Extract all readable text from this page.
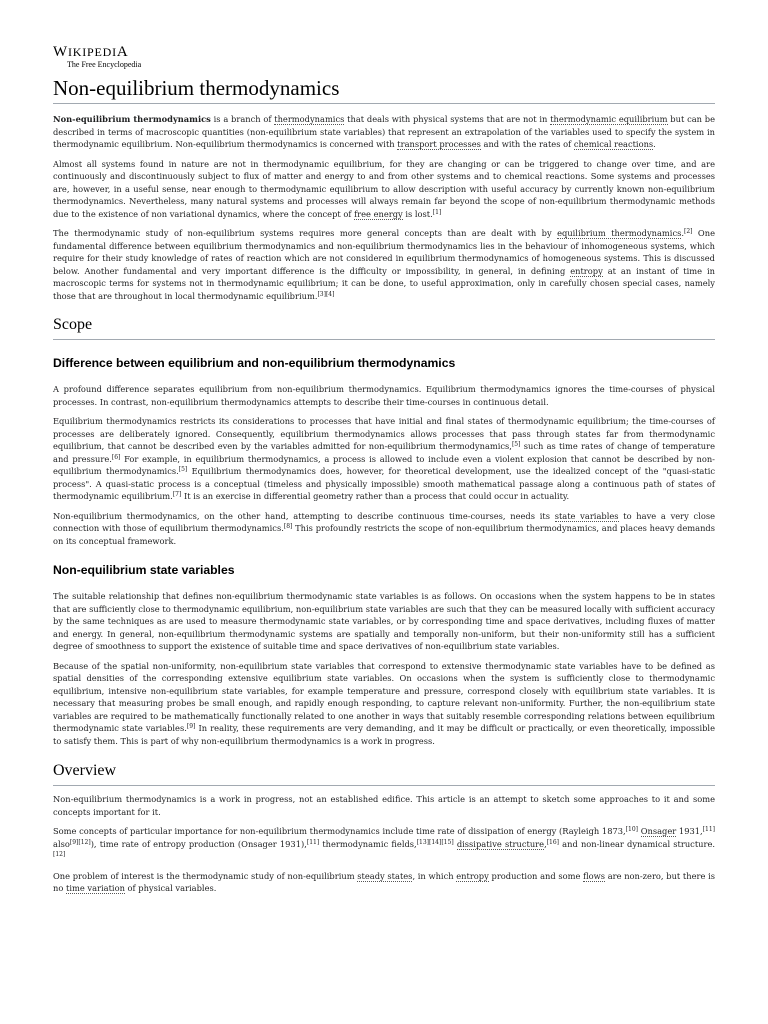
WIKIPEDIA
The Free Encyclopedia
Non-equilibrium thermodynamics

Non-equilibrium thermodynamics is a branch of thermodynamics that deals with physical systems that are not in thermodynamic equilibrium but can be described in terms of macroscopic quantities (non-equilibrium state variables) that represent an extrapolation of the variables used to specify the system in thermodynamic equilibrium. Non-equilibrium thermodynamics is concerned with transport processes and with the rates of chemical reactions.

Almost all systems found in nature are not in thermodynamic equilibrium, for they are changing or can be triggered to change over time, and are continuously and discontinuously subject to flux of matter and energy to and from other systems and to chemical reactions. Some systems and processes are, however, in a useful sense, near enough to thermodynamic equilibrium to allow description with useful accuracy by currently known non-equilibrium thermodynamics. Nevertheless, many natural systems and processes will always remain far beyond the scope of non-equilibrium thermodynamic methods due to the existence of non variational dynamics, where the concept of free energy is lost.[1]

The thermodynamic study of non-equilibrium systems requires more general concepts than are dealt with by equilibrium thermodynamics.[2] One fundamental difference between equilibrium thermodynamics and non-equilibrium thermodynamics lies in the behaviour of inhomogeneous systems, which require for their study knowledge of rates of reaction which are not considered in equilibrium thermodynamics of homogeneous systems. This is discussed below. Another fundamental and very important difference is the difficulty or impossibility, in general, in defining entropy at an instant of time in macroscopic terms for systems not in thermodynamic equilibrium; it can be done, to useful approximation, only in carefully chosen special cases, namely those that are throughout in local thermodynamic equilibrium.[3][4]

Scope
Difference between equilibrium and non-equilibrium thermodynamics

A profound difference separates equilibrium from non-equilibrium thermodynamics. Equilibrium thermodynamics ignores the time-courses of physical processes. In contrast, non-equilibrium thermodynamics attempts to describe their time-courses in continuous detail.

Equilibrium thermodynamics restricts its considerations to processes that have initial and final states of thermodynamic equilibrium; the time-courses of processes are deliberately ignored. Consequently, equilibrium thermodynamics allows processes that pass through states far from thermodynamic equilibrium, that cannot be described even by the variables admitted for non-equilibrium thermodynamics,[5] such as time rates of change of temperature and pressure.[6] For example, in equilibrium thermodynamics, a process is allowed to include even a violent explosion that cannot be described by non-equilibrium thermodynamics.[5] Equilibrium thermodynamics does, however, for theoretical development, use the idealized concept of the "quasi-static process". A quasi-static process is a conceptual (timeless and physically impossible) smooth mathematical passage along a continuous path of states of thermodynamic equilibrium.[7] It is an exercise in differential geometry rather than a process that could occur in actuality.

Non-equilibrium thermodynamics, on the other hand, attempting to describe continuous time-courses, needs its state variables to have a very close connection with those of equilibrium thermodynamics.[8] This profoundly restricts the scope of non-equilibrium thermodynamics, and places heavy demands on its conceptual framework.

Non-equilibrium state variables

The suitable relationship that defines non-equilibrium thermodynamic state variables is as follows. On occasions when the system happens to be in states that are sufficiently close to thermodynamic equilibrium, non-equilibrium state variables are such that they can be measured locally with sufficient accuracy by the same techniques as are used to measure thermodynamic state variables, or by corresponding time and space derivatives, including fluxes of matter and energy. In general, non-equilibrium thermodynamic systems are spatially and temporally non-uniform, but their non-uniformity still has a sufficient degree of smoothness to support the existence of suitable time and space derivatives of non-equilibrium state variables.

Because of the spatial non-uniformity, non-equilibrium state variables that correspond to extensive thermodynamic state variables have to be defined as spatial densities of the corresponding extensive equilibrium state variables. On occasions when the system is sufficiently close to thermodynamic equilibrium, intensive non-equilibrium state variables, for example temperature and pressure, correspond closely with equilibrium state variables. It is necessary that measuring probes be small enough, and rapidly enough responding, to capture relevant non-uniformity. Further, the non-equilibrium state variables are required to be mathematically functionally related to one another in ways that suitably resemble corresponding relations between equilibrium thermodynamic state variables.[9] In reality, these requirements are very demanding, and it may be difficult or practically, or even theoretically, impossible to satisfy them. This is part of why non-equilibrium thermodynamics is a work in progress.

Overview

Non-equilibrium thermodynamics is a work in progress, not an established edifice. This article is an attempt to sketch some approaches to it and some concepts important for it.

Some concepts of particular importance for non-equilibrium thermodynamics include time rate of dissipation of energy (Rayleigh 1873,[10] Onsager 1931,[11] also[9][12]), time rate of entropy production (Onsager 1931),[11] thermodynamic fields,[13][14][15] dissipative structure,[16] and non-linear dynamical structure.[12]

One problem of interest is the thermodynamic study of non-equilibrium steady states, in which entropy production and some flows are non-zero, but there is no time variation of physical variables.
